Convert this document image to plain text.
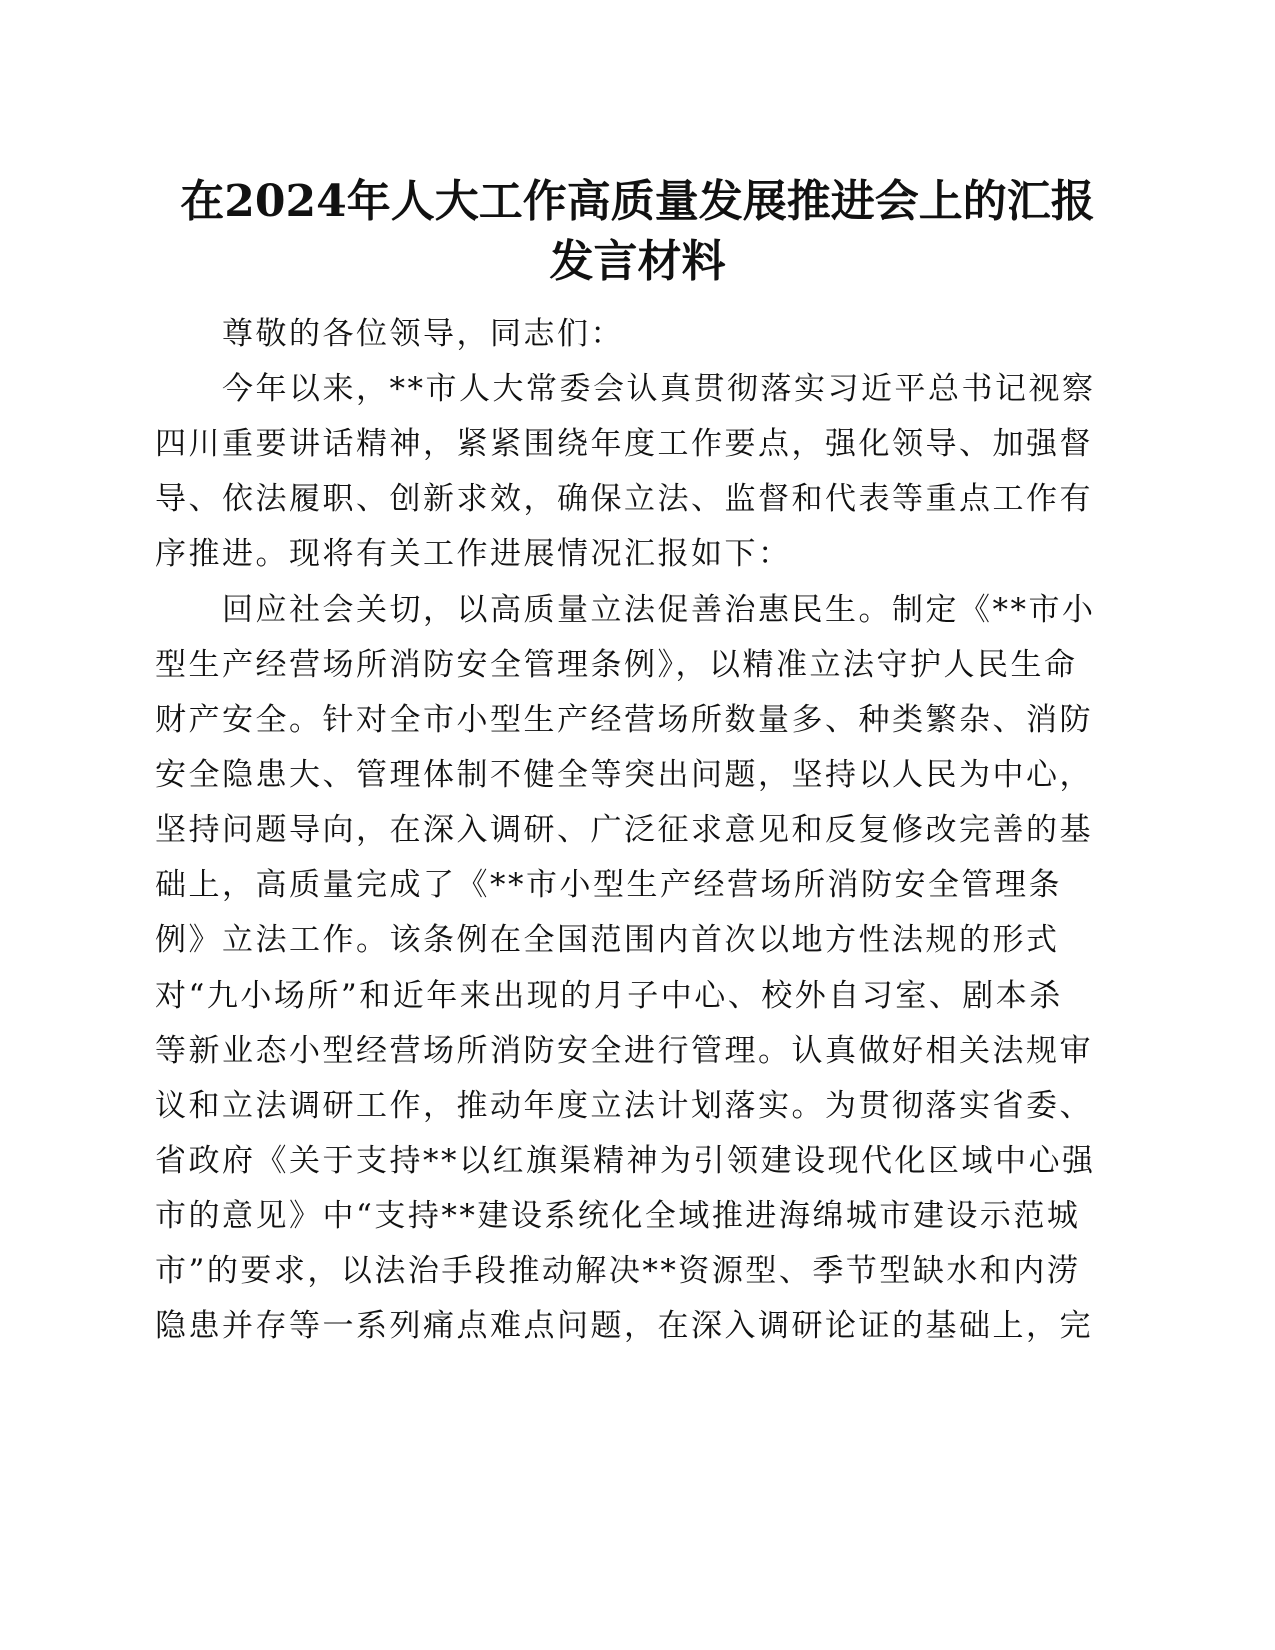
在2024年人大工作高质量发展推进会上的汇报
发言材料
尊敬的各位领导，同志们：
今年以来，**市人大常委会认真贯彻落实习近平总书记视察
四川重要讲话精神，紧紧围绕年度工作要点，强化领导、加强督
导、依法履职、创新求效，确保立法、监督和代表等重点工作有
序推进。现将有关工作进展情况汇报如下：
回应社会关切，以高质量立法促善治惠民生。制定《**市小
型生产经营场所消防安全管理条例》，以精准立法守护人民生命
财产安全。针对全市小型生产经营场所数量多、种类繁杂、消防
安全隐患大、管理体制不健全等突出问题，坚持以人民为中心，
坚持问题导向，在深入调研、广泛征求意见和反复修改完善的基
础上，高质量完成了《**市小型生产经营场所消防安全管理条
例》立法工作。该条例在全国范围内首次以地方性法规的形式
对“九小场所”和近年来出现的月子中心、校外自习室、剧本杀
等新业态小型经营场所消防安全进行管理。认真做好相关法规审
议和立法调研工作，推动年度立法计划落实。为贯彻落实省委、
省政府《关于支持**以红旗渠精神为引领建设现代化区域中心强
市的意见》中“支持**建设系统化全域推进海绵城市建设示范城
市”的要求，以法治手段推动解决**资源型、季节型缺水和内涝
隐患并存等一系列痛点难点问题，在深入调研论证的基础上，完
